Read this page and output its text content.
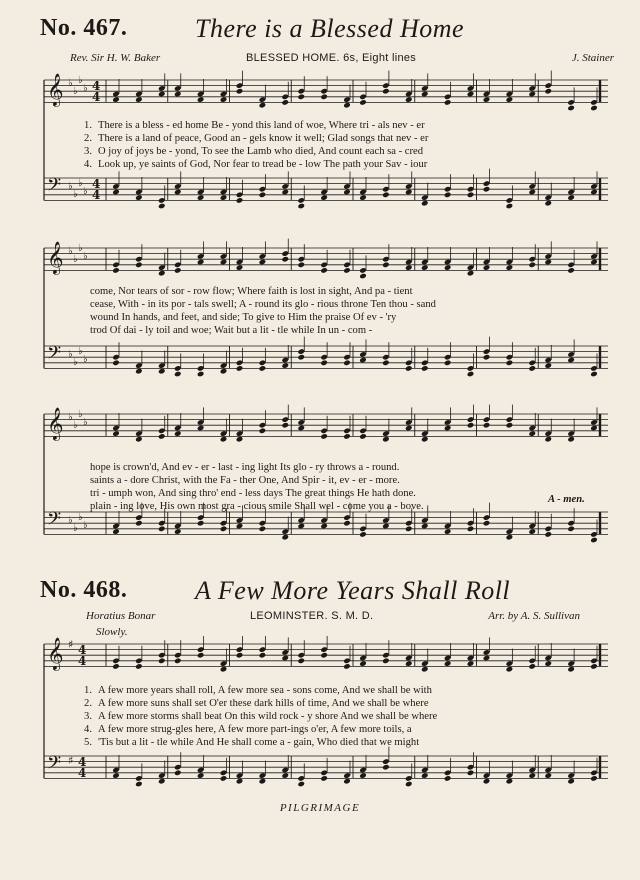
No. 467.	There is a Blessed Home
Rev. Sir H. W. Baker	BLESSED HOME. 6s, Eight lines	J. Stainer
𝄞 ♭
♭
♭
♭ 4
4
𝄢 ♭
♭
♭
♭
4
4
1. There is a bless - ed home Be - yond this land of woe, Where tri - als nev - er
2. There is a land of peace, Good an - gels know it well; Glad songs that nev - er
3. O joy of joys be - yond, To see the Lamb who died, And count each sa - cred
4. Look up, ye saints of God, Nor fear to tread be - low The path your Sav - iour
𝄞 ♭
♭
♭
♭
𝄢 ♭
♭
♭
♭
come, Nor tears of sor - row flow; Where faith is lost in sight, And pa - tient
cease, With - in its por - tals swell; A - round its glo - rious throne Ten thou - sand
wound In hands, and feet, and side; To give to Him the praise Of ev - 'ry
trod Of dai - ly toil and woe; Wait but a lit - tle while In un - com -
𝄞 ♭
♭
♭
♭
𝄢 ♭
♭
♭
♭
hope is crown'd, And ev - er - last - ing light Its glo - ry throws a - round.
saints a - dore Christ, with the Fa - ther One, And Spir - it, ev - er - more.
tri - umph won, And sing thro' end - less days The great things He hath done.
plain - ing love, His own most gra - cious smile Shall wel - come you a - bove.
A - men.
No. 468.	A Few More Years Shall Roll
Horatius Bonar	LEOMINSTER. S. M. D.	Arr. by A. S. Sullivan
Slowly.
𝄞 ♯ 4
4
𝄢 ♯ 4
4
1. A few more years shall roll, A few more sea - sons come, And we shall be with
2. A few more suns shall set O'er these dark hills of time, And we shall be where
3. A few more storms shall beat On this wild rock - y shore And we shall be where
4. A few more strug-gles here, A few more part-ings o'er, A few more toils, a
5. 'Tis but a lit - tle while And He shall come a - gain, Who died that we might
PILGRIMAGE
